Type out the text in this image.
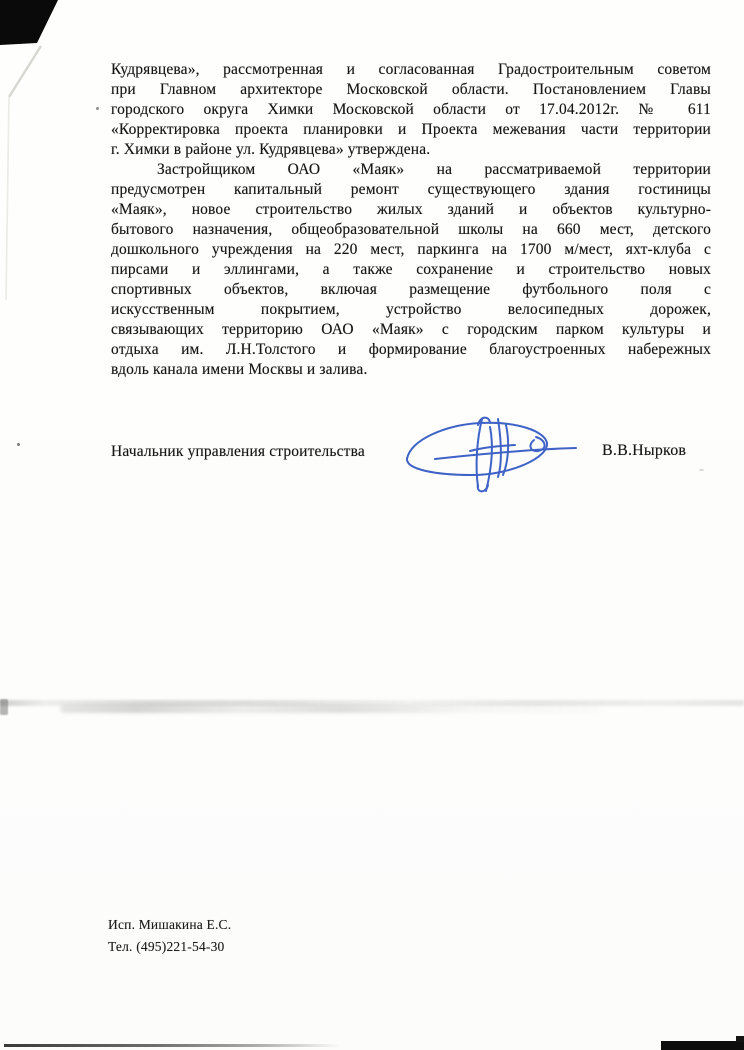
Кудрявцева», рассмотренная и согласованная Градостроительным советом
при Главном архитекторе Московской области. Постановлением Главы
городского округа Химки Московской области от 17.04.2012г. № 611
«Корректировка проекта планировки и Проекта межевания части территории
г. Химки в районе ул. Кудрявцева» утверждена.
Застройщиком ОАО «Маяк» на рассматриваемой территории
предусмотрен капитальный ремонт существующего здания гостиницы
«Маяк», новое строительство жилых зданий и объектов культурно-
бытового назначения, общеобразовательной школы на 660 мест, детского
дошкольного учреждения на 220 мест, паркинга на 1700 м/мест, яхт-клуба с
пирсами и эллингами, а также сохранение и строительство новых
спортивных объектов, включая размещение футбольного поля с
искусственным покрытием, устройство велосипедных дорожек,
связывающих территорию ОАО «Маяк» с городским парком культуры и
отдыха им. Л.Н.Толстого и формирование благоустроенных набережных
вдоль канала имени Москвы и залива.
Начальник управления строительства	В.В.Нырков
Исп. Мишакина Е.С.
Тел. (495)221-54-30
